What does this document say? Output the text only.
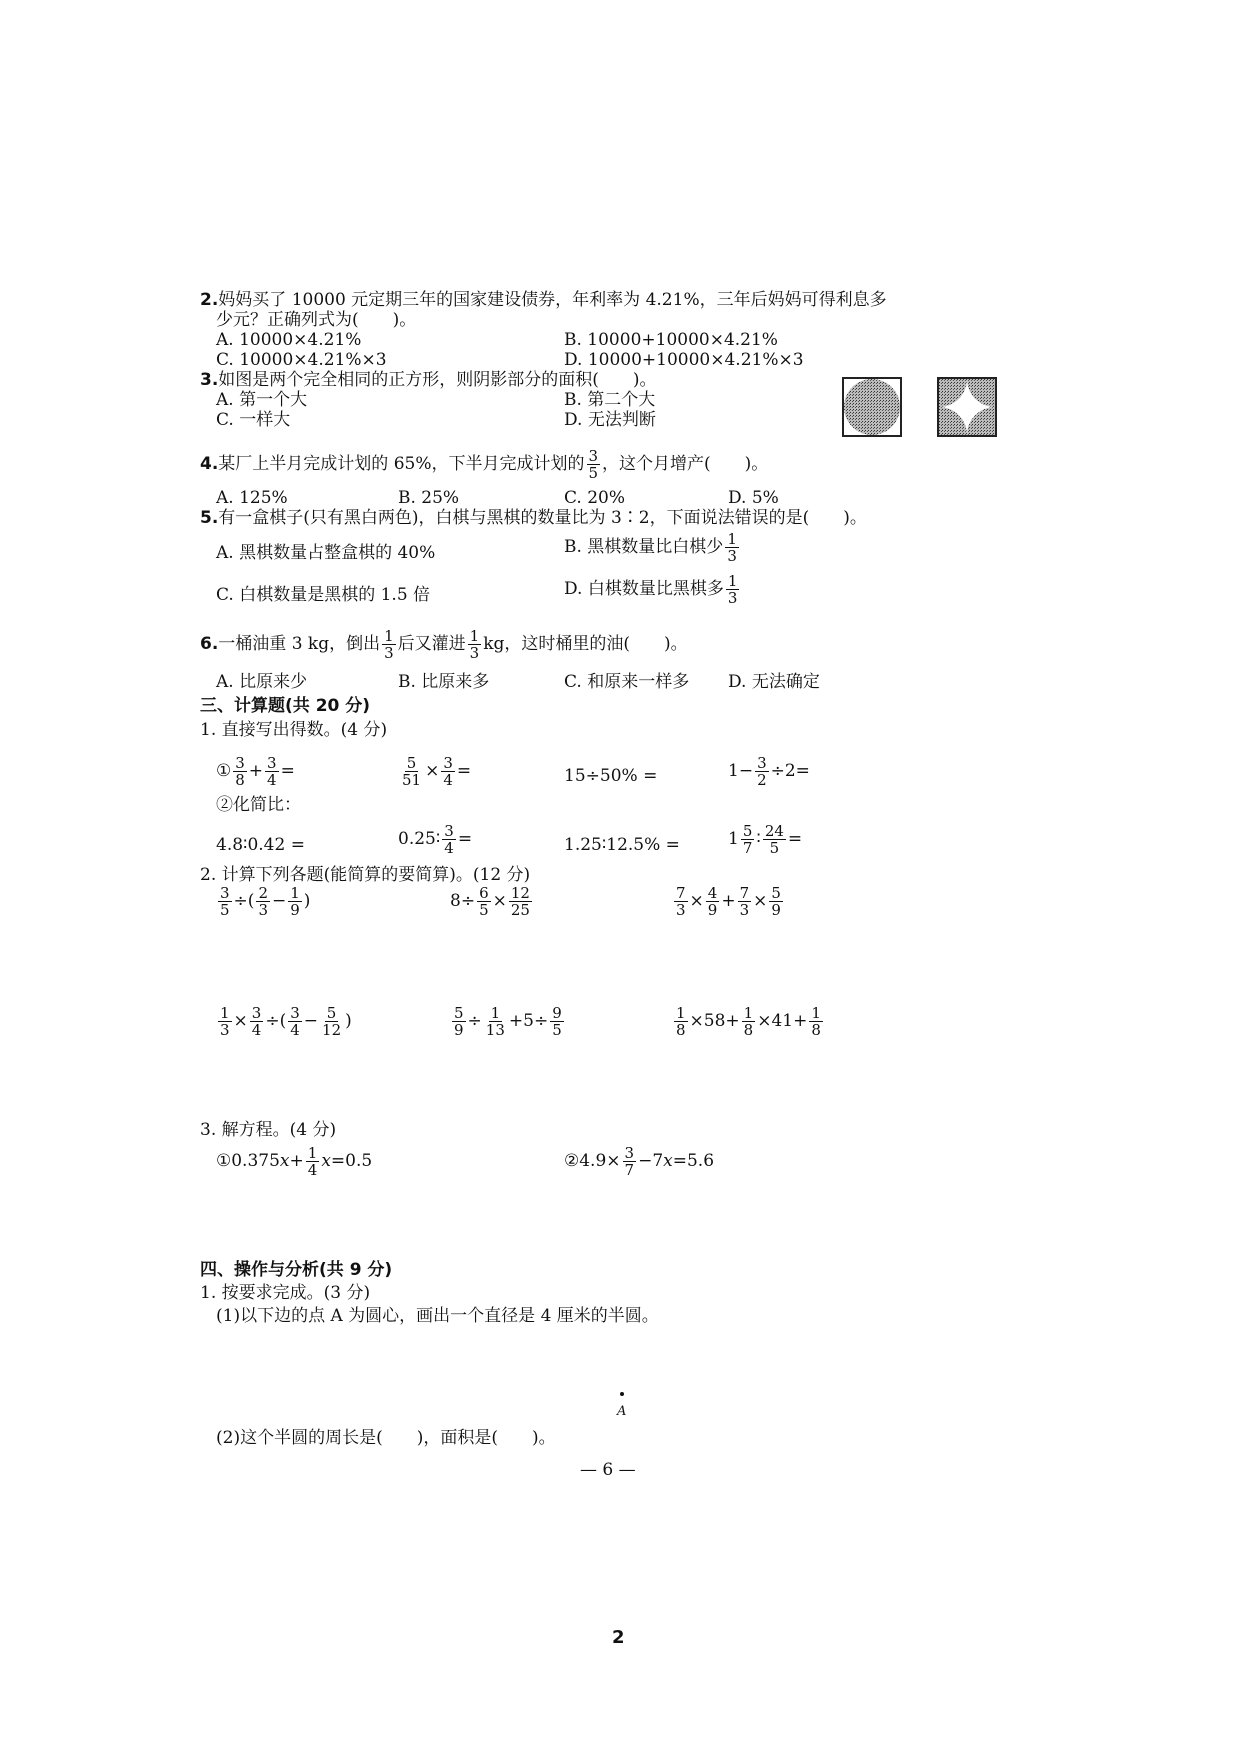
2.妈妈买了 10000 元定期三年的国家建设债券，年利率为 4.21%，三年后妈妈可得利息多
少元？正确列式为(　　)。
A. 10000×4.21%	B. 10000+10000×4.21%
C. 10000×4.21%×3	D. 10000+10000×4.21%×3
3.如图是两个完全相同的正方形，则阴影部分的面积(　　)。
A. 第一个大	B. 第二个大
C. 一样大	D. 无法判断
4.某厂上半月完成计划的 65%，下半月完成计划的 $\frac{3}{5}$ ，这个月增产(　　)。
A. 125%	B. 25%	C. 20%	D. 5%
5.有一盒棋子(只有黑白两色)，白棋与黑棋的数量比为 3∶2，下面说法错误的是(　　)。
A. 黑棋数量占整盒棋的 40%	B. 黑棋数量比白棋少 $\frac{1}{3}$
C. 白棋数量是黑棋的 1.5 倍	D. 白棋数量比黑棋多 $\frac{1}{3}$
6.一桶油重 3 kg，倒出 $\frac{1}{3}$ 后又灌进 $\frac{1}{3}$ kg，这时桶里的油(　　)。
A. 比原来少	B. 比原来多	C. 和原来一样多 D. 无法确定
三、计算题(共 20 分)
1. 直接写出得数。(4 分)
① $\frac{3}{8} + \frac{3}{4}$ =	$\frac{5}{51} \times \frac{3}{4}$ =	15÷50% =	$1- \frac{3}{2} \div 2=$
②化简比：
4.8∶0.42 =	0.25∶ $\frac{3}{4}$ =	1.25∶12.5% =	$1 \frac{5}{7}$ ∶ $\frac{24}{5}$ =
2. 计算下列各题(能简算的要简算)。(12 分)
$\frac{3}{5}$ ÷( $\frac{2}{3} - \frac{1}{9}$ )	$8\div \frac{6}{5} \times \frac{12}{25}$	$\frac{7}{3} \times \frac{4}{9} + \frac{7}{3} \times \frac{5}{9}$
$\frac{1}{3} \times \frac{3}{4}$ ÷( $\frac{3}{4} - \frac{5}{12}$ )	$\frac{5}{9} \div \frac{1}{13} +5\div \frac{9}{5}$	$\frac{1}{8} \times 58+ \frac{1}{8} \times 41+ \frac{1}{8}$
3. 解方程。(4 分)
①0.375x+ $\frac{1}{4} x=0.5$	②4.9× $\frac{3}{7} -7x=5.6$
四、操作与分析(共 9 分)
1. 按要求完成。(3 分)
(1)以下边的点 A 为圆心，画出一个直径是 4 厘米的半圆。
A
(2)这个半圆的周长是(　　)，面积是(　　)。
— 6 —
2
